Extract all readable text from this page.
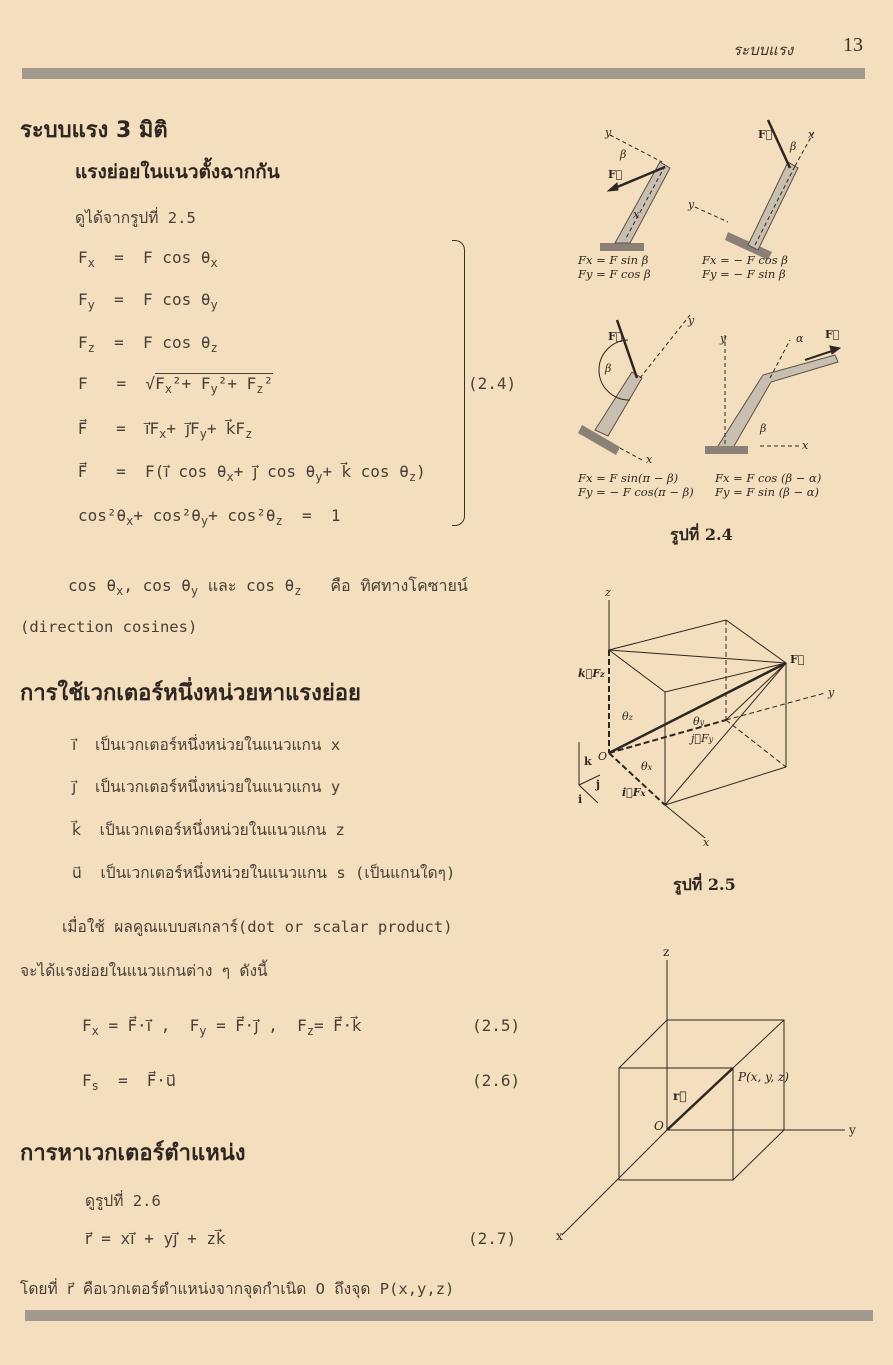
ระบบแรง 13
ระบบแรง 3 มิติ
แรงย่อยในแนวตั้งฉากกัน
ดูได้จากรูปที่ 2.5
$F_x = F$ $\cos \theta_x$
$F_y = F$ $\cos \theta_y$
$F_z = F$ $\cos \theta_z$
$F = √F_x^2+ F_y^2+ F_z^2$
F⃗   =  $i⃗F_x+$ $j⃗F_y+$ $k⃗F_z$
F⃗   =  F(i⃗ $\cos \theta_x+$ j⃗ $\cos \theta_y+$ k⃗ $\cos \theta_z$)
$\cos^2\theta_x+ \cos^2\theta_y+ \cos^2\theta_z = 1$
(2.4)
$\cos \theta_x$, $\cos \theta_y$ และ $\cos \theta_z$   คือ ทิศทางโคซายน์
(direction cosines)
การใช้เวกเตอร์หนึ่งหน่วยหาแรงย่อย
i⃗ เป็นเวกเตอร์หนึ่งหน่วยในแนวแกน x
j⃗ เป็นเวกเตอร์หนึ่งหน่วยในแนวแกน y
k⃗ เป็นเวกเตอร์หนึ่งหน่วยในแนวแกน z
u⃗ เป็นเวกเตอร์หนึ่งหน่วยในแนวแกน s (เป็นแกนใดๆ)
เมื่อใช้ ผลคูณแบบสเกลาร์(dot or scalar product)
จะได้แรงย่อยในแนวแกนต่าง ๆ ดังนี้
$F_x$ = F⃗·i⃗ ,  $F_y$ = F⃗·j⃗ ,  $F_z=$ F⃗·k⃗	(2.5)
$F_s$  =  F⃗·u⃗	(2.6)
การหาเวกเตอร์ตำแหน่ง
ดูรูปที่ 2.6
r⃗ = xi⃗ + yj⃗ + zk⃗	(2.7)
โดยที่ r⃗ คือเวกเตอร์ตำแหน่งจากจุดกำเนิด O ถึงจุด P(x,y,z)
y
β
F⃗
x
F⃗
β
x
y
F⃗
β
y
x
y	α F⃗
β
x
Fx = F sin β
Fy = F cos β
Fx = − F cos β
Fy = − F sin β
Fx = F sin(π − β)
Fy = − F cos(π − β)
Fx = F cos (β − α)
Fy = F sin (β − α)
รูปที่ 2.4
z
y
x
F⃗
k⃗Fz
θz	θy
j⃗Fy
θx
O
i⃗Fx
k
j
i
รูปที่ 2.5
z
y
x
O
r⃗
P(x, y, z)
